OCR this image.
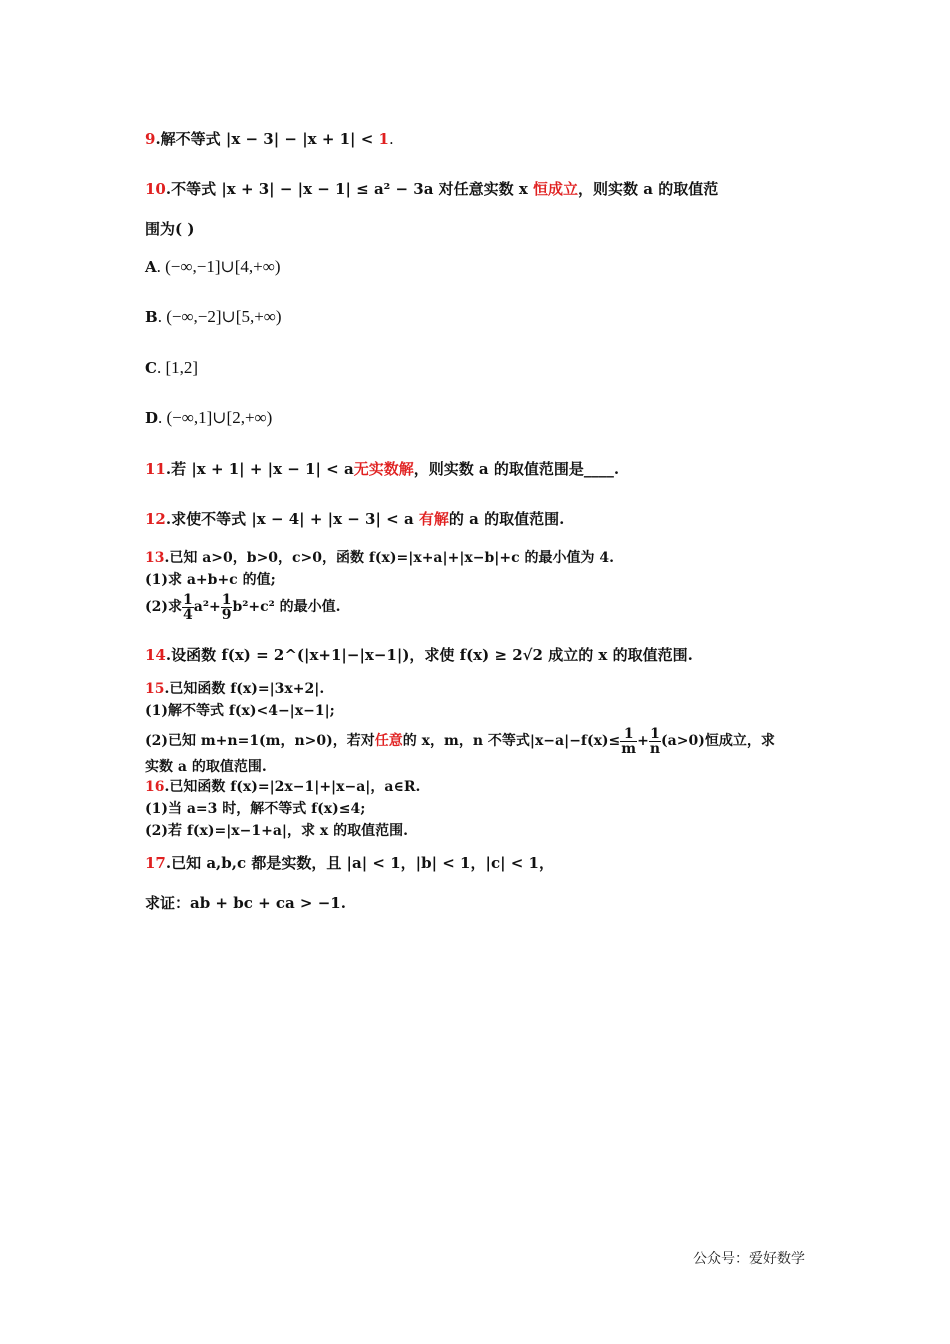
9.解不等式 |x − 3| − |x + 1| < 1.
10.不等式 |x + 3| − |x − 1| ≤ a² − 3a 对任意实数 x 恒成立，则实数 a 的取值范
围为( )
A. (−∞,−1]∪[4,+∞)
B. (−∞,−2]∪[5,+∞)
C. [1,2]
D. (−∞,1]∪[2,+∞)
11.若 |x + 1| + |x − 1| < a无实数解，则实数 a 的取值范围是____.
12.求使不等式 |x − 4| + |x − 3| < a 有解的 a 的取值范围.
13.已知 a>0，b>0，c>0，函数 f(x)=|x+a|+|x−b|+c 的最小值为 4.
(1)求 a+b+c 的值;
(2)求 $\frac{1}{4} a^2+ \frac{1}{9} b^2+c^2$ 的最小值.
14.设函数 f(x) = 2^(|x+1|−|x−1|)，求使 f(x) ≥ 2√2 成立的 x 的取值范围.
15.已知函数 f(x)=|3x+2|.
(1)解不等式 f(x)<4−|x−1|;
(2)已知 m+n=1(m，n>0)，若对任意的 x，m，n 不等式$|x-a|-f(x)\le \frac{1}{m} + \frac{1}{n} (a>0)$恒成立，求
实数 a 的取值范围.
16.已知函数 f(x)=|2x−1|+|x−a|，a∈R.
(1)当 a=3 时，解不等式 f(x)≤4;
(2)若 f(x)=|x−1+a|，求 x 的取值范围.
17.已知 a,b,c 都是实数，且 |a| < 1，|b| < 1，|c| < 1，
求证：ab + bc + ca > −1.
公众号：爱好数学
